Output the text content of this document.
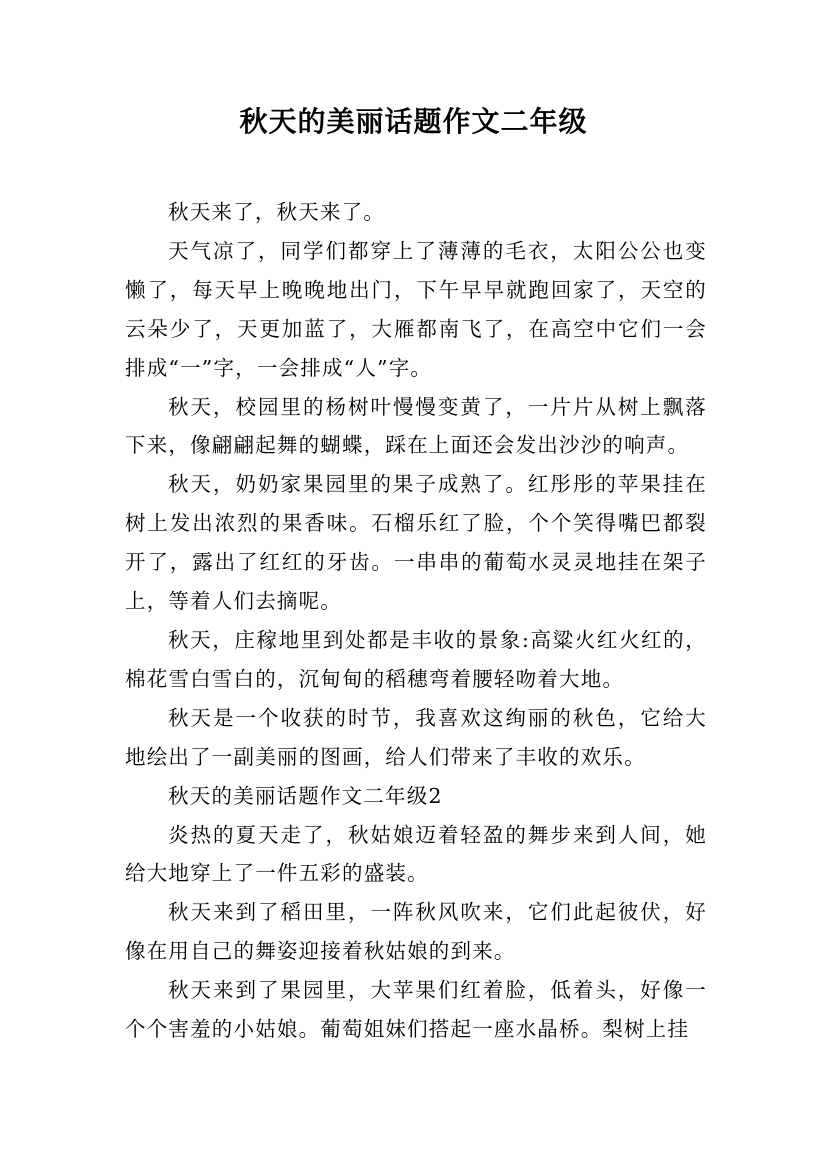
秋天的美丽话题作文二年级

秋天来了，秋天来了。

天气凉了，同学们都穿上了薄薄的毛衣，太阳公公也变懒了，每天早上晚晚地出门，下午早早就跑回家了，天空的云朵少了，天更加蓝了，大雁都南飞了，在高空中它们一会排成“一”字，一会排成“人”字。

秋天，校园里的杨树叶慢慢变黄了，一片片从树上飘落下来，像翩翩起舞的蝴蝶，踩在上面还会发出沙沙的响声。

秋天，奶奶家果园里的果子成熟了。红彤彤的苹果挂在树上发出浓烈的果香味。石榴乐红了脸，个个笑得嘴巴都裂开了，露出了红红的牙齿。一串串的葡萄水灵灵地挂在架子上，等着人们去摘呢。

秋天，庄稼地里到处都是丰收的景象:高粱火红火红的，棉花雪白雪白的，沉甸甸的稻穗弯着腰轻吻着大地。

秋天是一个收获的时节，我喜欢这绚丽的秋色，它给大地绘出了一副美丽的图画，给人们带来了丰收的欢乐。

秋天的美丽话题作文二年级2

炎热的夏天走了，秋姑娘迈着轻盈的舞步来到人间，她给大地穿上了一件五彩的盛装。

秋天来到了稻田里，一阵秋风吹来，它们此起彼伏，好像在用自己的舞姿迎接着秋姑娘的到来。

秋天来到了果园里，大苹果们红着脸，低着头，好像一个个害羞的小姑娘。葡萄姐妹们搭起一座水晶桥。梨树上挂
